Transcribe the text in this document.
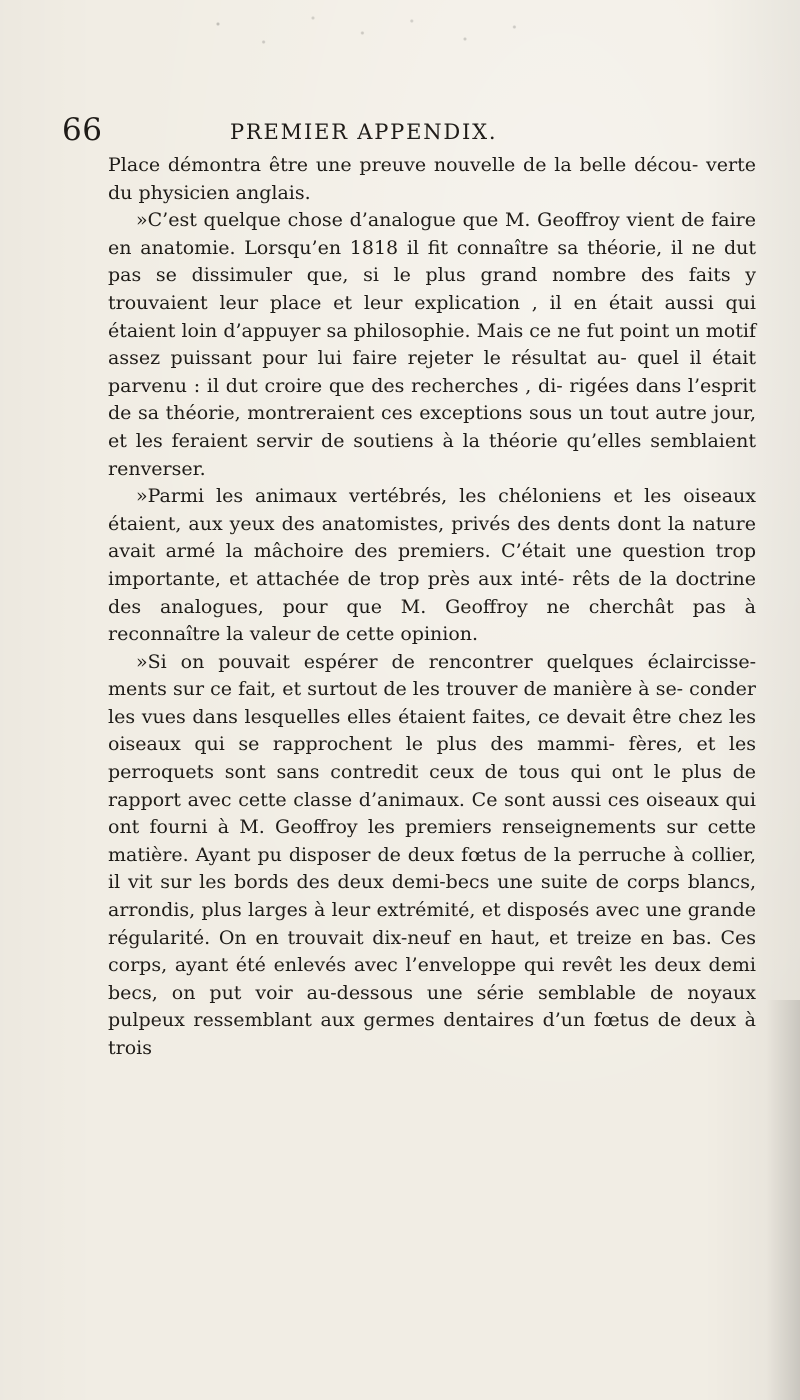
66	PREMIER APPENDIX.

Place démontra être une preuve nouvelle de la belle décou- verte du physicien anglais.

»C’est quelque chose d’analogue que M. Geoffroy vient de faire en anatomie. Lorsqu’en 1818 il fit connaître sa théorie, il ne dut pas se dissimuler que, si le plus grand nombre des faits y trouvaient leur place et leur explication , il en était aussi qui étaient loin d’appuyer sa philosophie. Mais ce ne fut point un motif assez puissant pour lui faire rejeter le résultat au- quel il était parvenu : il dut croire que des recherches , di- rigées dans l’esprit de sa théorie, montreraient ces exceptions sous un tout autre jour, et les feraient servir de soutiens à la théorie qu’elles semblaient renverser.

»Parmi les animaux vertébrés, les chéloniens et les oiseaux étaient, aux yeux des anatomistes, privés des dents dont la nature avait armé la mâchoire des premiers. C’était une question trop importante, et attachée de trop près aux inté- rêts de la doctrine des analogues, pour que M. Geoffroy ne cherchât pas à reconnaître la valeur de cette opinion.

»Si on pouvait espérer de rencontrer quelques éclaircisse- ments sur ce fait, et surtout de les trouver de manière à se- conder les vues dans lesquelles elles étaient faites, ce devait être chez les oiseaux qui se rapprochent le plus des mammi- fères, et les perroquets sont sans contredit ceux de tous qui ont le plus de rapport avec cette classe d’animaux. Ce sont aussi ces oiseaux qui ont fourni à M. Geoffroy les premiers renseignements sur cette matière. Ayant pu disposer de deux fœtus de la perruche à collier, il vit sur les bords des deux demi-becs une suite de corps blancs, arrondis, plus larges à leur extrémité, et disposés avec une grande régularité. On en trouvait dix-neuf en haut, et treize en bas. Ces corps, ayant été enlevés avec l’enveloppe qui revêt les deux demi becs, on put voir au-dessous une série semblable de noyaux pulpeux ressemblant aux germes dentaires d’un fœtus de deux à trois
